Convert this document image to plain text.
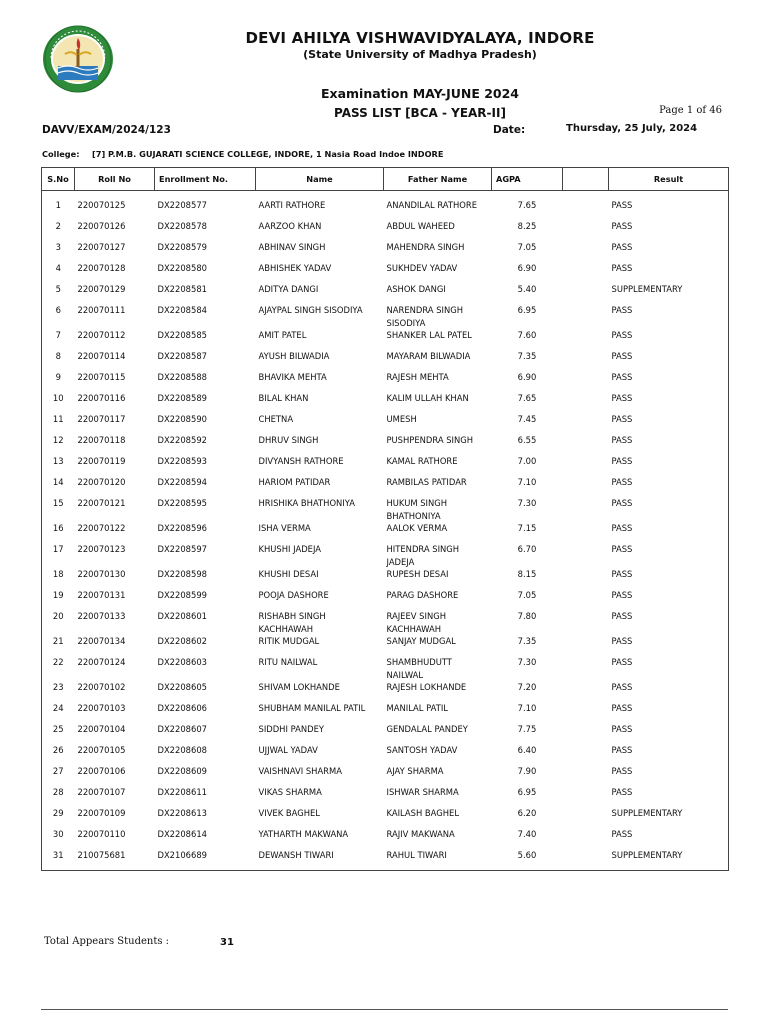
DEVI AHILYA VISHWAVIDYALAYA, INDORE
(State University of Madhya Pradesh)
Examination MAY-JUNE 2024
PASS LIST [BCA - YEAR-II]	Page 1 of 46
DAVV/EXAM/2024/123	Date:	Thursday, 25 July, 2024
College: [7] P.M.B. GUJARATI SCIENCE COLLEGE, INDORE, 1 Nasia Road Indoe INDORE
S.No	Roll No	Enrollment No.	Name	Father Name	AGPA		Result

1	220070125	DX2208577	AARTI RATHORE	ANANDILAL RATHORE	7.65		PASS
2	220070126	DX2208578	AARZOO KHAN	ABDUL WAHEED	8.25		PASS
3	220070127	DX2208579	ABHINAV SINGH	MAHENDRA SINGH	7.05		PASS
4	220070128	DX2208580	ABHISHEK YADAV	SUKHDEV YADAV	6.90		PASS
5	220070129	DX2208581	ADITYA DANGI	ASHOK DANGI	5.40		SUPPLEMENTARY
6	220070111	DX2208584	AJAYPAL SINGH SISODIYA	NARENDRA SINGH SISODIYA	6.95		PASS
7	220070112	DX2208585	AMIT PATEL	SHANKER LAL PATEL	7.60		PASS
8	220070114	DX2208587	AYUSH BILWADIA	MAYARAM BILWADIA	7.35		PASS
9	220070115	DX2208588	BHAVIKA MEHTA	RAJESH MEHTA	6.90		PASS
10	220070116	DX2208589	BILAL KHAN	KALIM ULLAH KHAN	7.65		PASS
11	220070117	DX2208590	CHETNA	UMESH	7.45		PASS
12	220070118	DX2208592	DHRUV SINGH	PUSHPENDRA SINGH	6.55		PASS
13	220070119	DX2208593	DIVYANSH RATHORE	KAMAL RATHORE	7.00		PASS
14	220070120	DX2208594	HARIOM PATIDAR	RAMBILAS PATIDAR	7.10		PASS
15	220070121	DX2208595	HRISHIKA BHATHONIYA	HUKUM SINGH BHATHONIYA	7.30		PASS
16	220070122	DX2208596	ISHA VERMA	AALOK VERMA	7.15		PASS
17	220070123	DX2208597	KHUSHI JADEJA	HITENDRA SINGH JADEJA	6.70		PASS
18	220070130	DX2208598	KHUSHI DESAI	RUPESH DESAI	8.15		PASS
19	220070131	DX2208599	POOJA DASHORE	PARAG DASHORE	7.05		PASS
20	220070133	DX2208601	RISHABH SINGH KACHHAWAH	RAJEEV SINGH KACHHAWAH	7.80		PASS
21	220070134	DX2208602	RITIK MUDGAL	SANJAY MUDGAL	7.35		PASS
22	220070124	DX2208603	RITU NAILWAL	SHAMBHUDUTT NAILWAL	7.30		PASS
23	220070102	DX2208605	SHIVAM LOKHANDE	RAJESH LOKHANDE	7.20		PASS
24	220070103	DX2208606	SHUBHAM MANILAL PATIL	MANILAL PATIL	7.10		PASS
25	220070104	DX2208607	SIDDHI PANDEY	GENDALAL PANDEY	7.75		PASS
26	220070105	DX2208608	UJJWAL YADAV	SANTOSH YADAV	6.40		PASS
27	220070106	DX2208609	VAISHNAVI SHARMA	AJAY SHARMA	7.90		PASS
28	220070107	DX2208611	VIKAS SHARMA	ISHWAR SHARMA	6.95		PASS
29	220070109	DX2208613	VIVEK BAGHEL	KAILASH BAGHEL	6.20		SUPPLEMENTARY
30	220070110	DX2208614	YATHARTH MAKWANA	RAJIV MAKWANA	7.40		PASS
31	210075681	DX2106689	DEWANSH TIWARI	RAHUL TIWARI	5.60		SUPPLEMENTARY
Total Appears Students :	31
